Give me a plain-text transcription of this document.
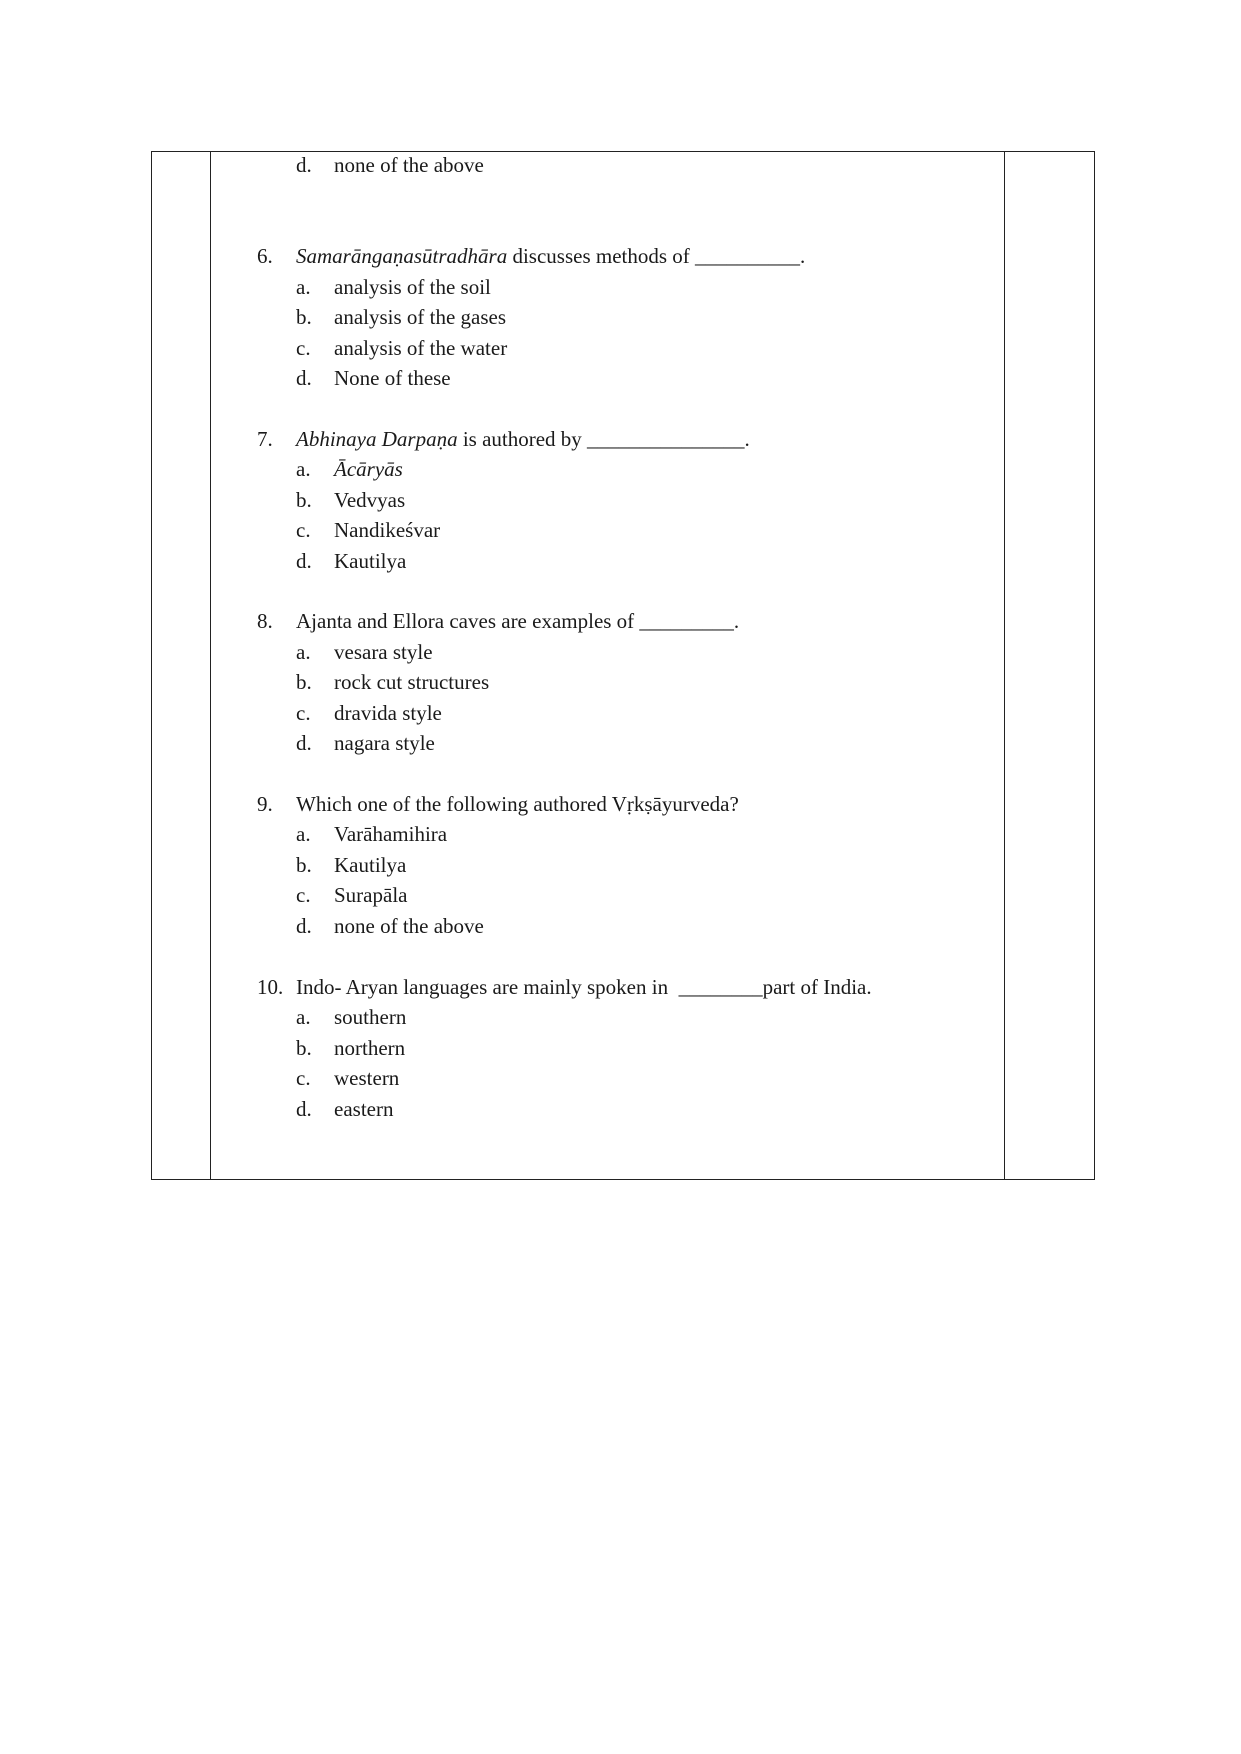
d. none of the above
6. Samarāngaṇasūtradhāra discusses methods of __________.
a. analysis of the soil
b. analysis of the gases
c. analysis of the water
d. None of these
7. Abhinaya Darpaṇa is authored by _______________.
a. Ācāryās
b. Vedvyas
c. Nandikeśvar
d. Kautilya
8. Ajanta and Ellora caves are examples of _________.
a. vesara style
b. rock cut structures
c. dravida style
d. nagara style
9. Which one of the following authored Vṛkṣāyurveda?
a. Varāhamihira
b. Kautilya
c. Surapāla
d. none of the above
10. Indo- Aryan languages are mainly spoken in  ________part of India.
a. southern
b. northern
c. western
d. eastern
